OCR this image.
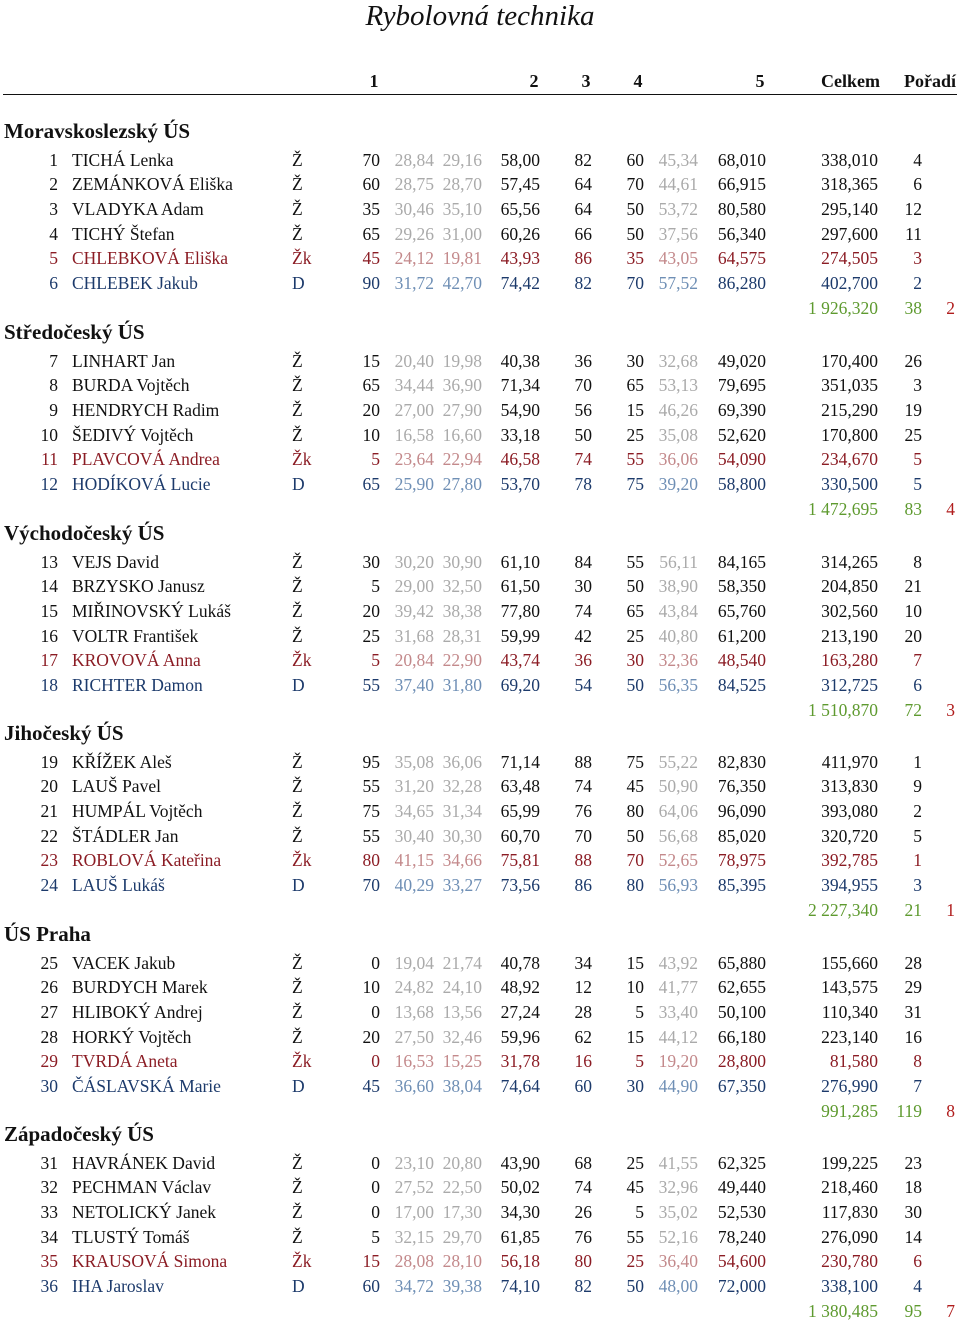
Rybolovná technika
1	2	3	4	5	Celkem	Pořadí
Moravskoslezský ÚS
1 TICHÁ Lenka	Ž	70 28,84 29,16	58,00	82	60 45,34	68,010	338,010	4
2 ZEMÁNKOVÁ Eliška	Ž	60 28,75 28,70	57,45	64	70 44,61	66,915	318,365	6
3 VLADYKA Adam	Ž	35 30,46 35,10	65,56	64	50 53,72	80,580	295,140	12
4 TICHÝ Štefan	Ž	65 29,26 31,00	60,26	66	50 37,56	56,340	297,600	11
5 CHLEBKOVÁ Eliška	Žk	45 24,12 19,81	43,93	86	35 43,05	64,575	274,505	3
6 CHLEBEK Jakub	D	90 31,72 42,70	74,42	82	70 57,52	86,280	402,700	2
1 926,320	38	2
Středočeský ÚS
7 LINHART Jan	Ž	15 20,40 19,98	40,38	36	30 32,68	49,020	170,400	26
8 BURDA Vojtěch	Ž	65 34,44 36,90	71,34	70	65 53,13	79,695	351,035	3
9 HENDRYCH Radim	Ž	20 27,00 27,90	54,90	56	15 46,26	69,390	215,290	19
10 ŠEDIVÝ Vojtěch	Ž	10 16,58 16,60	33,18	50	25 35,08	52,620	170,800	25
11 PLAVCOVÁ Andrea	Žk	5 23,64 22,94	46,58	74	55 36,06	54,090	234,670	5
12 HODÍKOVÁ Lucie	D	65 25,90 27,80	53,70	78	75 39,20	58,800	330,500	5
1 472,695	83	4
Východočeský ÚS
13 VEJS David	Ž	30 30,20 30,90	61,10	84	55 56,11	84,165	314,265	8
14 BRZYSKO Janusz	Ž	5 29,00 32,50	61,50	30	50 38,90	58,350	204,850	21
15 MIŘINOVSKÝ Lukáš	Ž	20 39,42 38,38	77,80	74	65 43,84	65,760	302,560	10
16 VOLTR František	Ž	25 31,68 28,31	59,99	42	25 40,80	61,200	213,190	20
17 KROVOVÁ Anna	Žk	5 20,84 22,90	43,74	36	30 32,36	48,540	163,280	7
18 RICHTER Damon	D	55 37,40 31,80	69,20	54	50 56,35	84,525	312,725	6
1 510,870	72	3
Jihočeský ÚS
19 KŘÍŽEK Aleš	Ž	95 35,08 36,06	71,14	88	75 55,22	82,830	411,970	1
20 LAUŠ Pavel	Ž	55 31,20 32,28	63,48	74	45 50,90	76,350	313,830	9
21 HUMPÁL Vojtěch	Ž	75 34,65 31,34	65,99	76	80 64,06	96,090	393,080	2
22 ŠTÁDLER Jan	Ž	55 30,40 30,30	60,70	70	50 56,68	85,020	320,720	5
23 ROBLOVÁ Kateřina	Žk	80 41,15 34,66	75,81	88	70 52,65	78,975	392,785	1
24 LAUŠ Lukáš	D	70 40,29 33,27	73,56	86	80 56,93	85,395	394,955	3
2 227,340	21	1
ÚS Praha
25 VACEK Jakub	Ž	0 19,04 21,74	40,78	34	15 43,92	65,880	155,660	28
26 BURDYCH Marek	Ž	10 24,82 24,10	48,92	12	10 41,77	62,655	143,575	29
27 HLIBOKÝ Andrej	Ž	0 13,68 13,56	27,24	28	5 33,40	50,100	110,340	31
28 HORKÝ Vojtěch	Ž	20 27,50 32,46	59,96	62	15 44,12	66,180	223,140	16
29 TVRDÁ Aneta	Žk	0 16,53 15,25	31,78	16	5 19,20	28,800	81,580	8
30 ČÁSLAVSKÁ Marie	D	45 36,60 38,04	74,64	60	30 44,90	67,350	276,990	7
991,285	119	8
Západočeský ÚS
31 HAVRÁNEK David	Ž	0 23,10 20,80	43,90	68	25 41,55	62,325	199,225	23
32 PECHMAN Václav	Ž	0 27,52 22,50	50,02	74	45 32,96	49,440	218,460	18
33 NETOLICKÝ Janek	Ž	0 17,00 17,30	34,30	26	5 35,02	52,530	117,830	30
34 TLUSTÝ Tomáš	Ž	5 32,15 29,70	61,85	76	55 52,16	78,240	276,090	14
35 KRAUSOVÁ Simona	Žk	15 28,08 28,10	56,18	80	25 36,40	54,600	230,780	6
36 IHA Jaroslav	D	60 34,72 39,38	74,10	82	50 48,00	72,000	338,100	4
1 380,485	95	7
